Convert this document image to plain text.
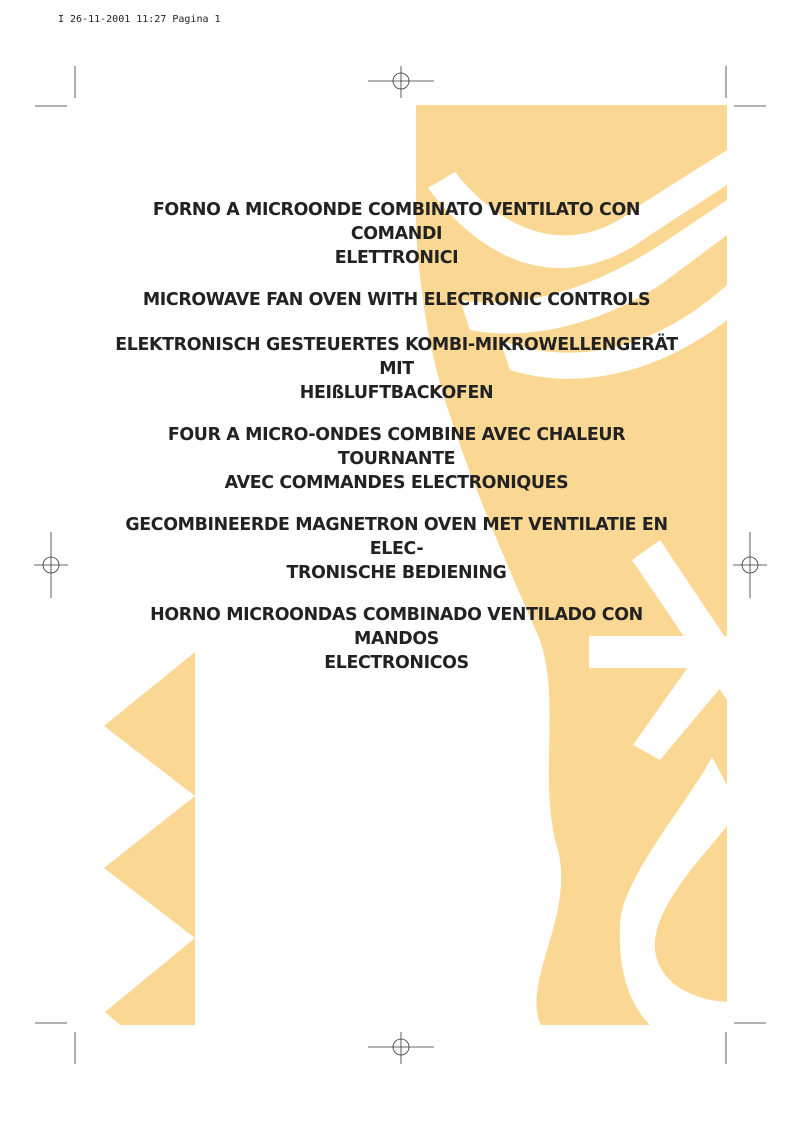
I 26-11-2001 11:27 Pagina 1
FORNO A MICROONDE COMBINATO VENTILATO CON COMANDI
ELETTRONICI
MICROWAVE FAN OVEN WITH ELECTRONIC CONTROLS
ELEKTRONISCH GESTEUERTES KOMBI-MIKROWELLENGERÄT MIT
HEIßLUFTBACKOFEN
FOUR A MICRO-ONDES COMBINE AVEC CHALEUR TOURNANTE
AVEC COMMANDES ELECTRONIQUES
GECOMBINEERDE MAGNETRON OVEN MET VENTILATIE EN ELEC-
TRONISCHE BEDIENING
HORNO MICROONDAS COMBINADO VENTILADO CON MANDOS
ELECTRONICOS
